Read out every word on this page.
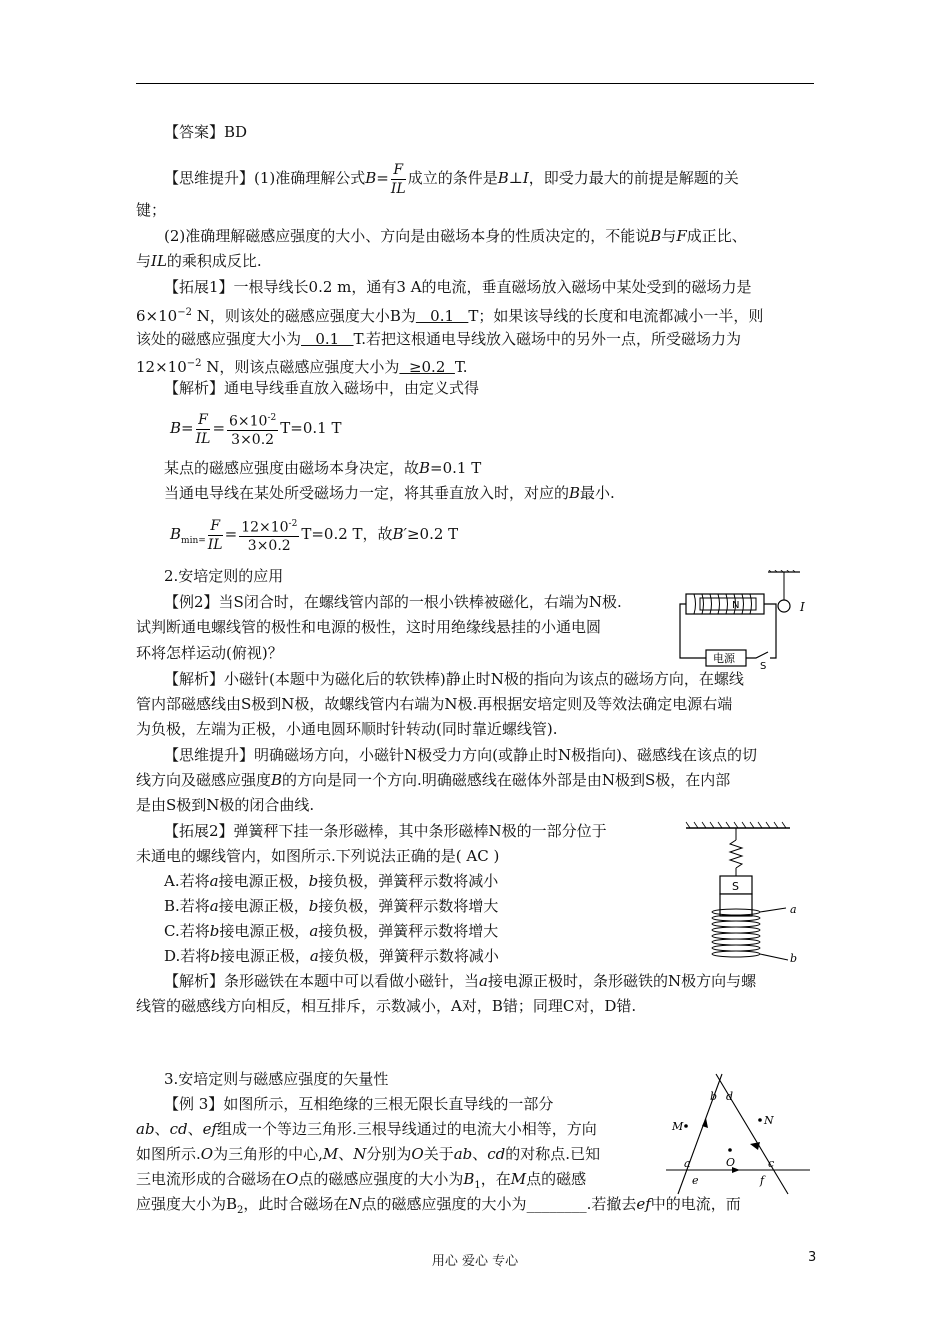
【答案】BD
【思维提升】(1)准确理解公式$B= \frac{F}{IL}$ 成立的条件是B⊥I，即受力最大的前提是解题的关
键；
(2)准确理解磁感应强度的大小、方向是由磁场本身的性质决定的，不能说B与F成正比、
与IL的乘积成反比.
【拓展1】一根导线长0.2 m，通有3 A的电流，垂直磁场放入磁场中某处受到的磁场力是
$6\times 10^{-2}$ N，则该处的磁感应强度大小B为   0.1   T；如果该导线的长度和电流都减小一半，则
该处的磁感应强度大小为   0.1   T.若把这根通电导线放入磁场中的另外一点，所受磁场力为
$12\times 10^{-2}$ N，则该点磁感应强度大小为  ≥0.2  T.
【解析】通电导线垂直放入磁场中，由定义式得
$B= \frac{F}{IL} = \frac{6\times 10^{-2}}{3\times 0.2} T=0.1$ T
某点的磁感应强度由磁场本身决定，故B=0.1 T
当通电导线在某处所受磁场力一定，将其垂直放入时，对应的B最小.
$B_{min=} \frac{F}{IL} = \frac{12\times 10^{-2}}{3\times 0.2} T=0.2$ T，故B′≥0.2 T
2.安培定则的应用
【例2】当S闭合时，在螺线管内部的一根小铁棒被磁化，右端为N极.
试判断通电螺线管的极性和电源的极性，这时用绝缘线悬挂的小通电圆
环将怎样运动(俯视)？
I
N
电源
S
【解析】小磁针(本题中为磁化后的软铁棒)静止时N极的指向为该点的磁场方向，在螺线
管内部磁感线由S极到N极，故螺线管内右端为N极.再根据安培定则及等效法确定电源右端
为负极，左端为正极，小通电圆环顺时针转动(同时靠近螺线管).
【思维提升】明确磁场方向，小磁针N极受力方向(或静止时N极指向)、磁感线在该点的切
线方向及磁感应强度B的方向是同一个方向.明确磁感线在磁体外部是由N极到S极，在内部
是由S极到N极的闭合曲线.
【拓展2】弹簧秤下挂一条形磁棒，其中条形磁棒N极的一部分位于
未通电的螺线管内，如图所示.下列说法正确的是( AC )
A.若将a接电源正极，b接负极，弹簧秤示数将减小
B.若将a接电源正极，b接负极，弹簧秤示数将增大
C.若将b接电源正极，a接负极，弹簧秤示数将增大
D.若将b接电源正极，a接负极，弹簧秤示数将减小
S
a
b
【解析】条形磁铁在本题中可以看做小磁针，当a接电源正极时，条形磁铁的N极方向与螺
线管的磁感线方向相反，相互排斥，示数减小，A对，B错；同理C对，D错.
3.安培定则与磁感应强度的矢量性
【例 3】如图所示，互相绝缘的三根无限长直导线的一部分
ab、cd、ef组成一个等边三角形.三根导线通过的电流大小相等，方向
如图所示.O为三角形的中心,M、N分别为O关于ab、cd的对称点.已知
三电流形成的合磁场在O点的磁感应强度的大小为$B_1$，在M点的磁感
应强度大小为$B_2$，此时合磁场在N点的磁感应强度的大小为________.若撤去ef中的电流，而
b d
a
e
c
f
M	N
O
用心 爱心 专心	3
